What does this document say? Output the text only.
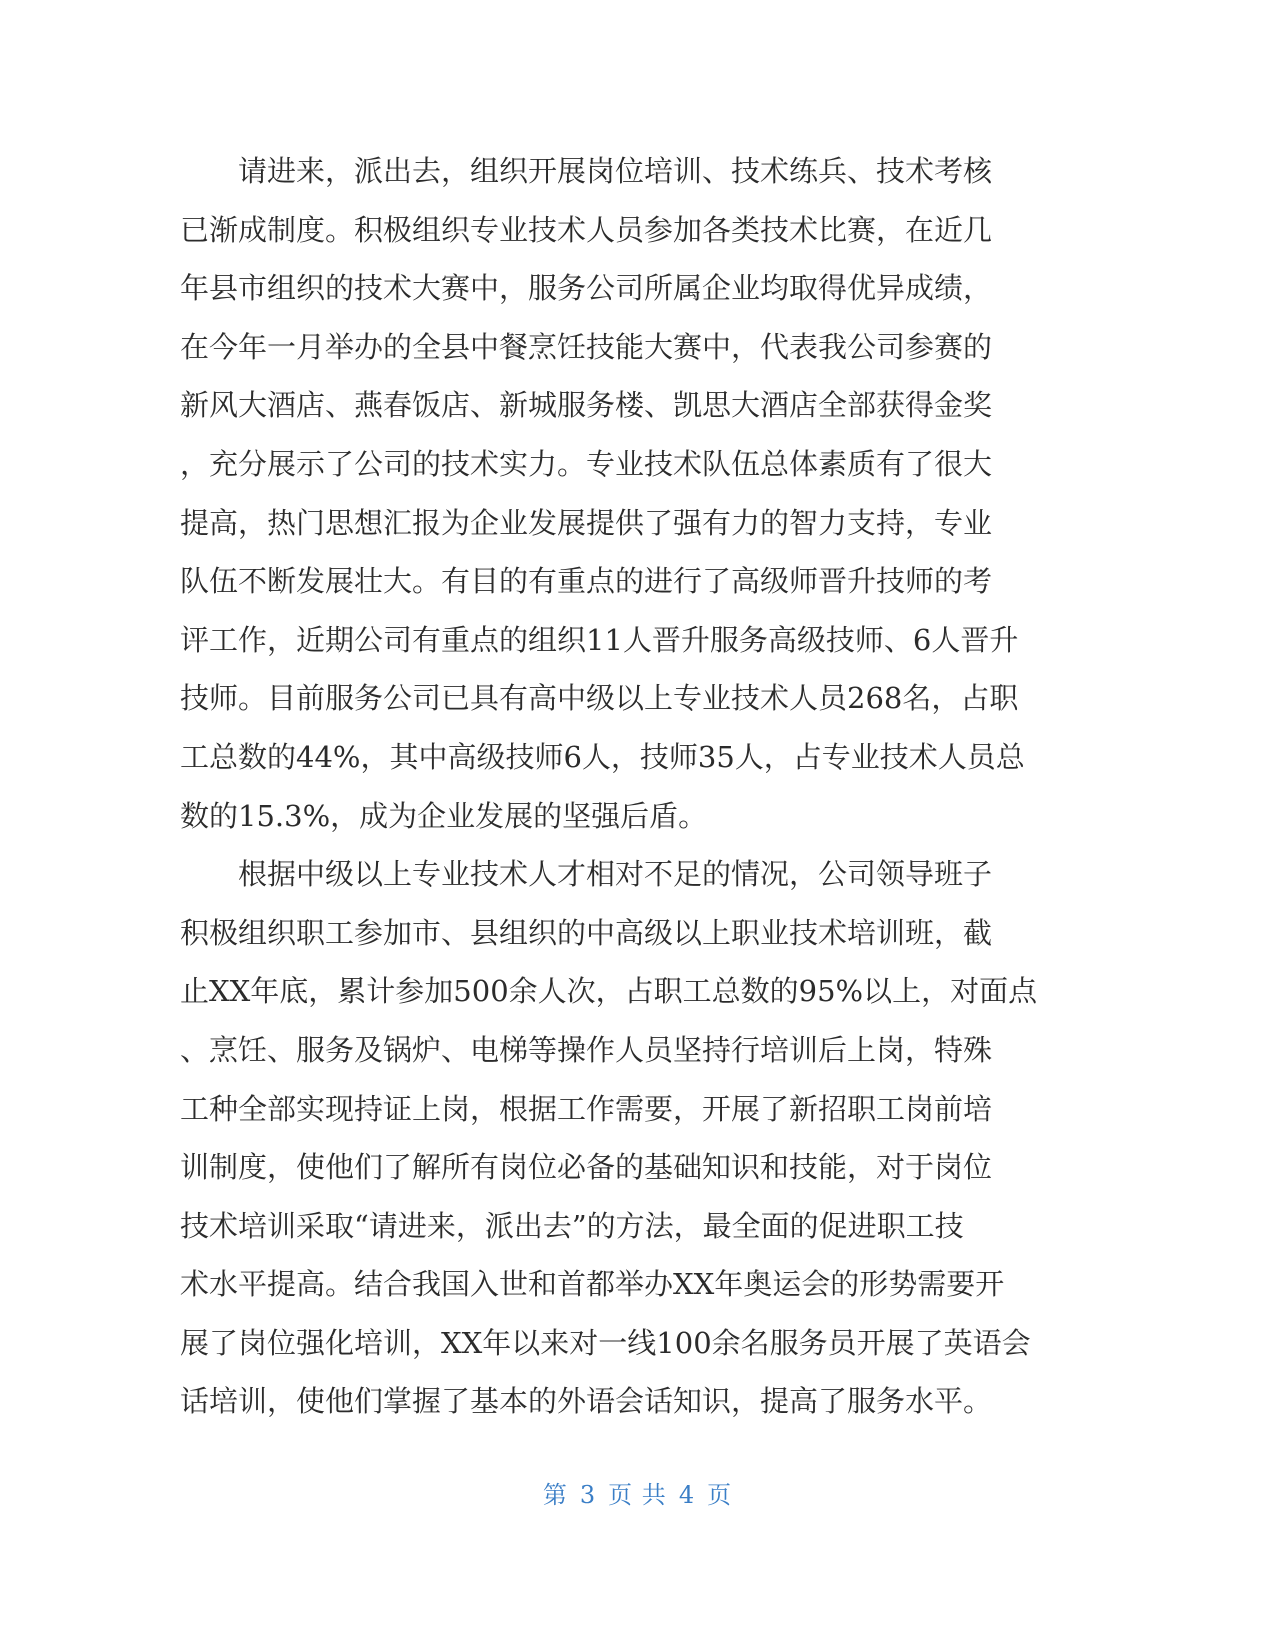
　　请进来，派出去，组织开展岗位培训、技术练兵、技术考核
已渐成制度。积极组织专业技术人员参加各类技术比赛，在近几
年县市组织的技术大赛中，服务公司所属企业均取得优异成绩，
在今年一月举办的全县中餐烹饪技能大赛中，代表我公司参赛的
新风大酒店、燕春饭店、新城服务楼、凯思大酒店全部获得金奖
，充分展示了公司的技术实力。专业技术队伍总体素质有了很大
提高，热门思想汇报为企业发展提供了强有力的智力支持，专业
队伍不断发展壮大。有目的有重点的进行了高级师晋升技师的考
评工作，近期公司有重点的组织11人晋升服务高级技师、6人晋升
技师。目前服务公司已具有高中级以上专业技术人员268名，占职
工总数的44%，其中高级技师6人，技师35人，占专业技术人员总
数的15.3%，成为企业发展的坚强后盾。
　　根据中级以上专业技术人才相对不足的情况，公司领导班子
积极组织职工参加市、县组织的中高级以上职业技术培训班，截
止XX年底，累计参加500余人次，占职工总数的95%以上，对面点
、烹饪、服务及锅炉、电梯等操作人员坚持行培训后上岗，特殊
工种全部实现持证上岗，根据工作需要，开展了新招职工岗前培
训制度，使他们了解所有岗位必备的基础知识和技能，对于岗位
技术培训采取“请进来，派出去”的方法，最全面的促进职工技
术水平提高。结合我国入世和首都举办XX年奥运会的形势需要开
展了岗位强化培训，XX年以来对一线100余名服务员开展了英语会
话培训，使他们掌握了基本的外语会话知识，提高了服务水平。
第 3 页 共 4 页
